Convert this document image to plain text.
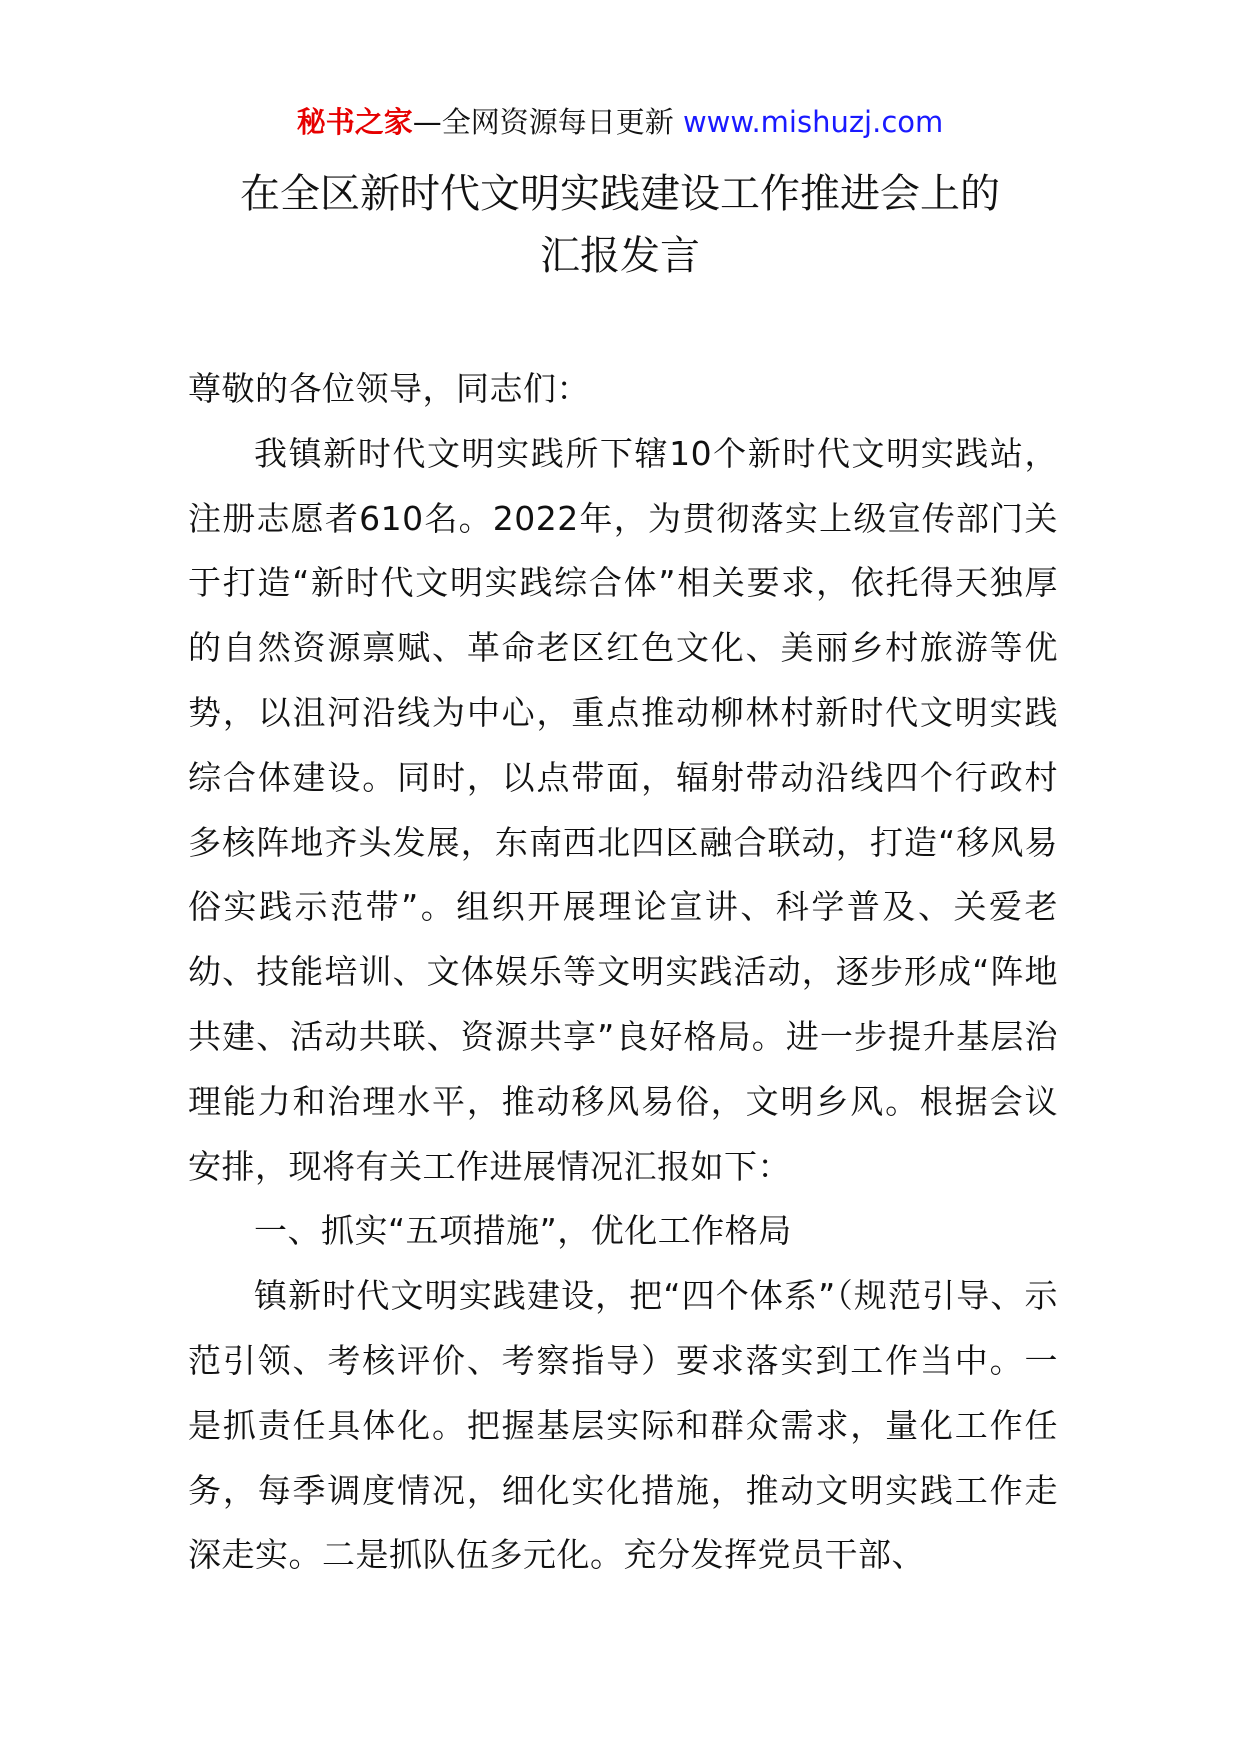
秘书之家—全网资源每日更新 www.mishuzj.com
在全区新时代文明实践建设工作推进会上的
汇报发言

尊敬的各位领导，同志们：

我镇新时代文明实践所下辖10个新时代文明实践站，注册志愿者610名。2022年，为贯彻落实上级宣传部门关于打造“新时代文明实践综合体”相关要求，依托得天独厚的自然资源禀赋、革命老区红色文化、美丽乡村旅游等优势，以沮河沿线为中心，重点推动柳林村新时代文明实践综合体建设。同时，以点带面，辐射带动沿线四个行政村多核阵地齐头发展，东南西北四区融合联动，打造“移风易俗实践示范带”。组织开展理论宣讲、科学普及、关爱老幼、技能培训、文体娱乐等文明实践活动，逐步形成“阵地共建、活动共联、资源共享”良好格局。进一步提升基层治理能力和治理水平，推动移风易俗，文明乡风。根据会议安排，现将有关工作进展情况汇报如下：

一、抓实“五项措施”，优化工作格局

镇新时代文明实践建设，把“四个体系”（规范引导、示范引领、考核评价、考察指导）要求落实到工作当中。一是抓责任具体化。把握基层实际和群众需求，量化工作任务，每季调度情况，细化实化措施，推动文明实践工作走深走实。二是抓队伍多元化。充分发挥党员干部、
